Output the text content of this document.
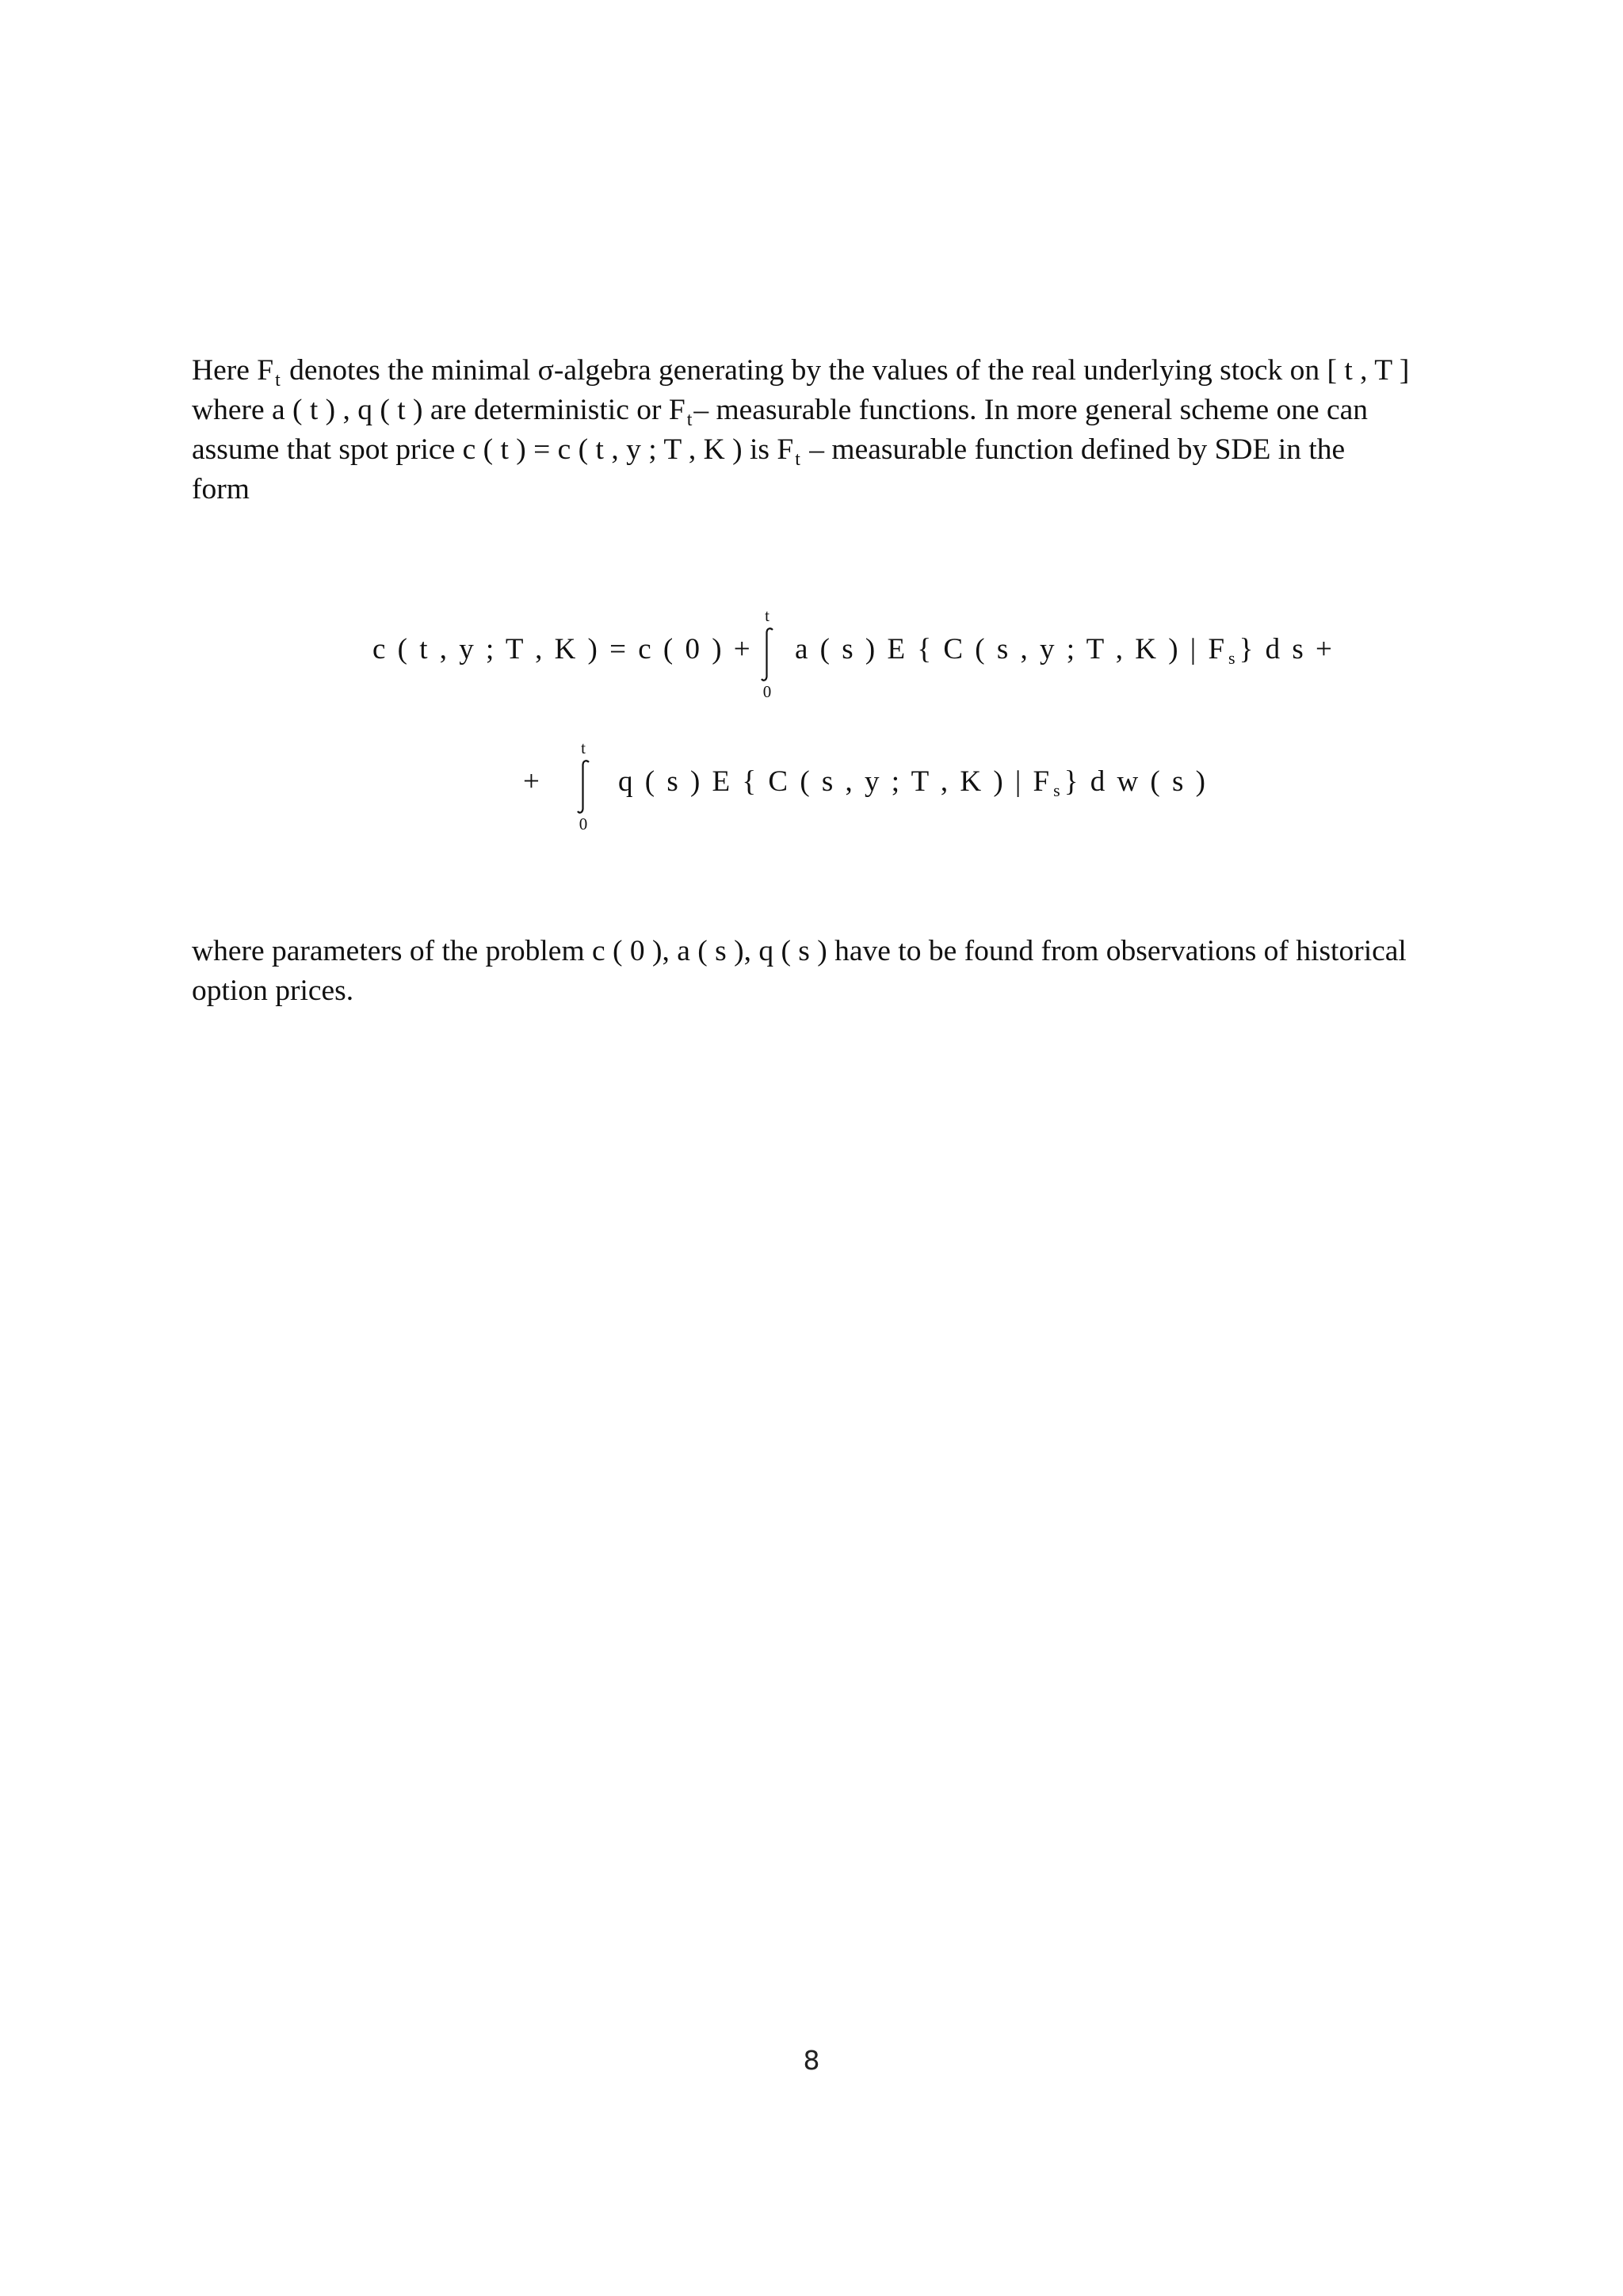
Here $F_t$ denotes the minimal σ-algebra generating by the values of the real underlying stock on [ t , T ]
where a ( t ) , q ( t ) are deterministic or $F_t-$ measurable functions. In more general scheme one can
assume that spot price c ( t ) = c ( t , y ; T , K ) is $F_t$ – measurable function defined by SDE in the
form
c ( t , y ; T , K ) = c ( 0 ) +
t
0
a ( s ) E { C ( s , y ; T , K ) | Fs} d s +
+
t
0
q ( s ) E { C ( s , y ; T , K ) | Fs} d w ( s )
where parameters of the problem c ( 0 ), a ( s ), q ( s ) have to be found from observations of historical
option prices.
8
